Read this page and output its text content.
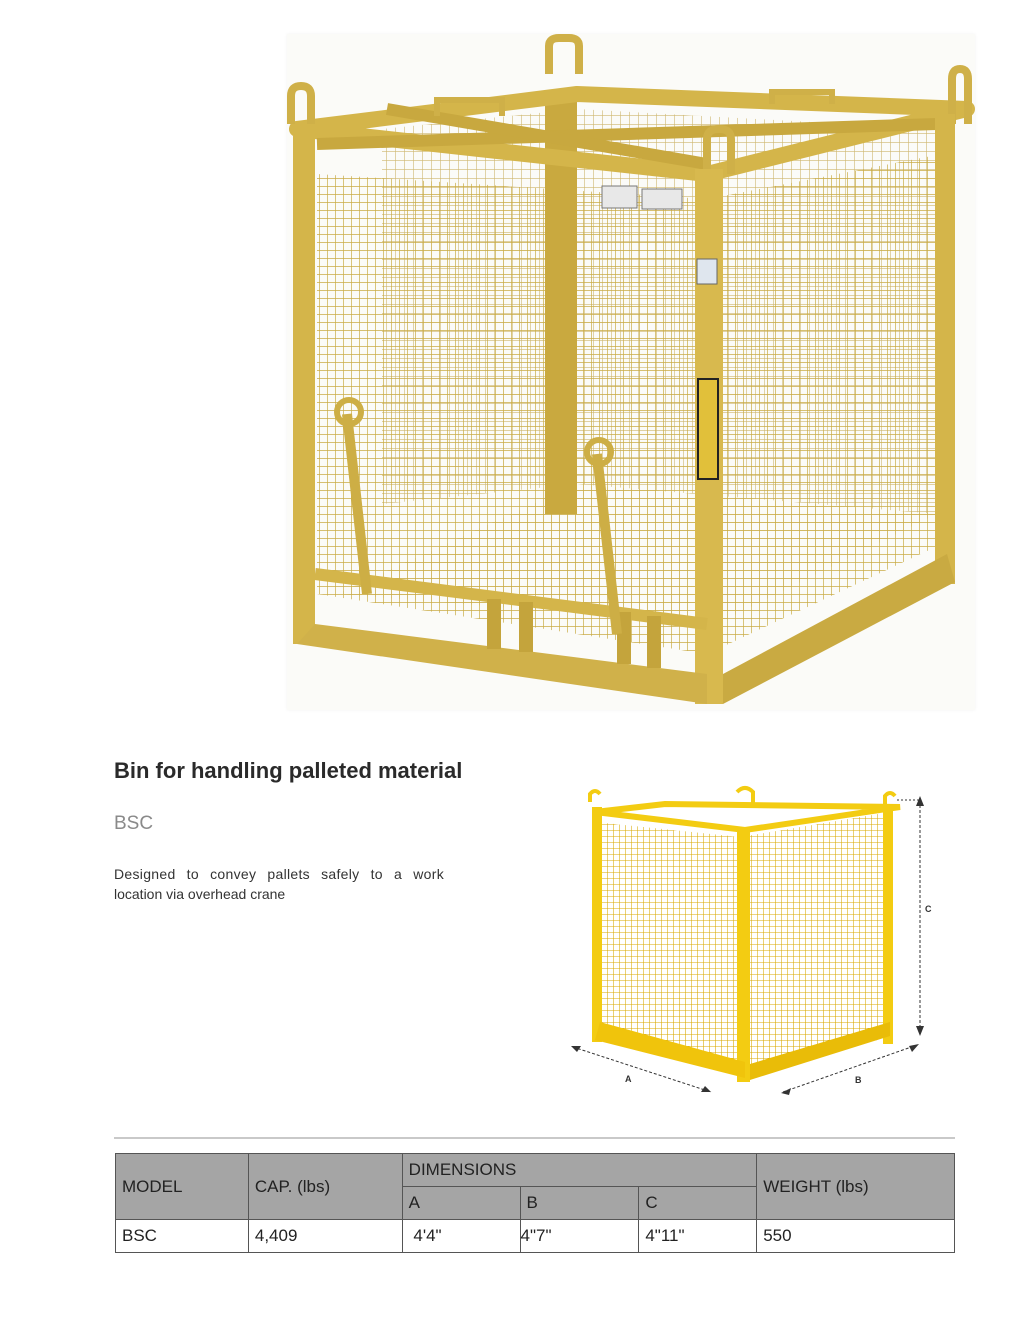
Bin for handling palleted material
BSC
Designed to convey pallets safely to a work
location via overhead crane
C
A	B
MODEL	CAP. (lbs)	DIMENSIONS			WEIGHT (lbs)
		A	B	C	
BSC	4,409	4'4"	4"7"	4"11"	550
